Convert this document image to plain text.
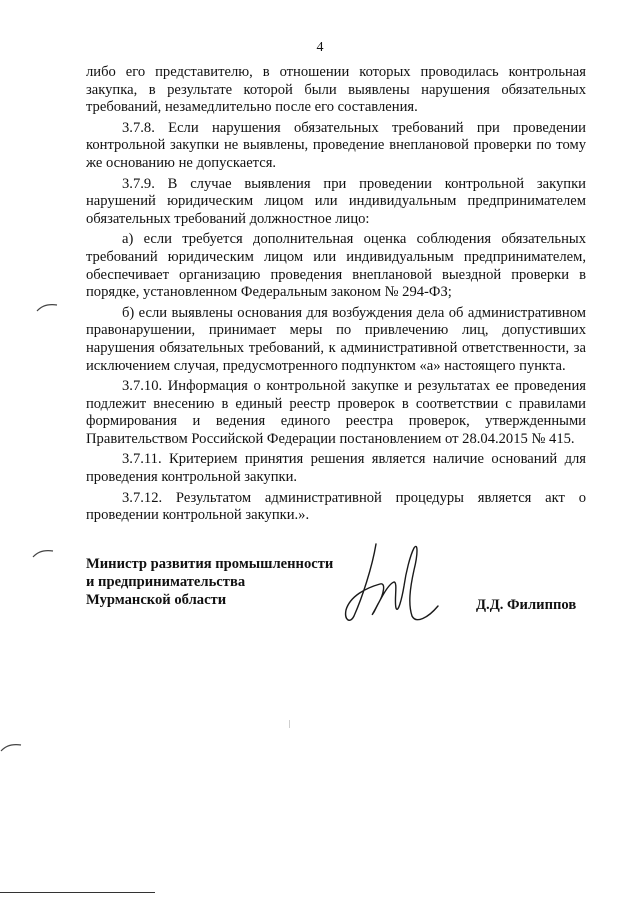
4

либо его представителю, в отношении которых проводилась контрольная закупка, в результате которой были выявлены нарушения обязательных требований, незамедлительно после его составления.

3.7.8. Если нарушения обязательных требований при проведении контрольной закупки не выявлены, проведение внеплановой проверки по тому же основанию не допускается.

3.7.9. В случае выявления при проведении контрольной закупки нарушений юридическим лицом или индивидуальным предпринимателем обязательных требований должностное лицо:

а) если требуется дополнительная оценка соблюдения обязательных требований юридическим лицом или индивидуальным предпринимателем, обеспечивает организацию проведения внеплановой выездной проверки в порядке, установленном Федеральным законом № 294-ФЗ;

б) если выявлены основания для возбуждения дела об административном правонарушении, принимает меры по привлечению лиц, допустивших нарушения обязательных требований, к административной ответственности, за исключением случая, предусмотренного подпунктом «а» настоящего пункта.

3.7.10. Информация о контрольной закупке и результатах ее проведения подлежит внесению в единый реестр проверок в соответствии с правилами формирования и ведения единого реестра проверок, утвержденными Правительством Российской Федерации постановлением от 28.04.2015 № 415.

3.7.11. Критерием принятия решения является наличие оснований для проведения контрольной закупки.

3.7.12. Результатом административной процедуры является акт о проведении контрольной закупки.».

Министр развития промышленности
и предпринимательства
Мурманской области	Д.Д. Филиппов
